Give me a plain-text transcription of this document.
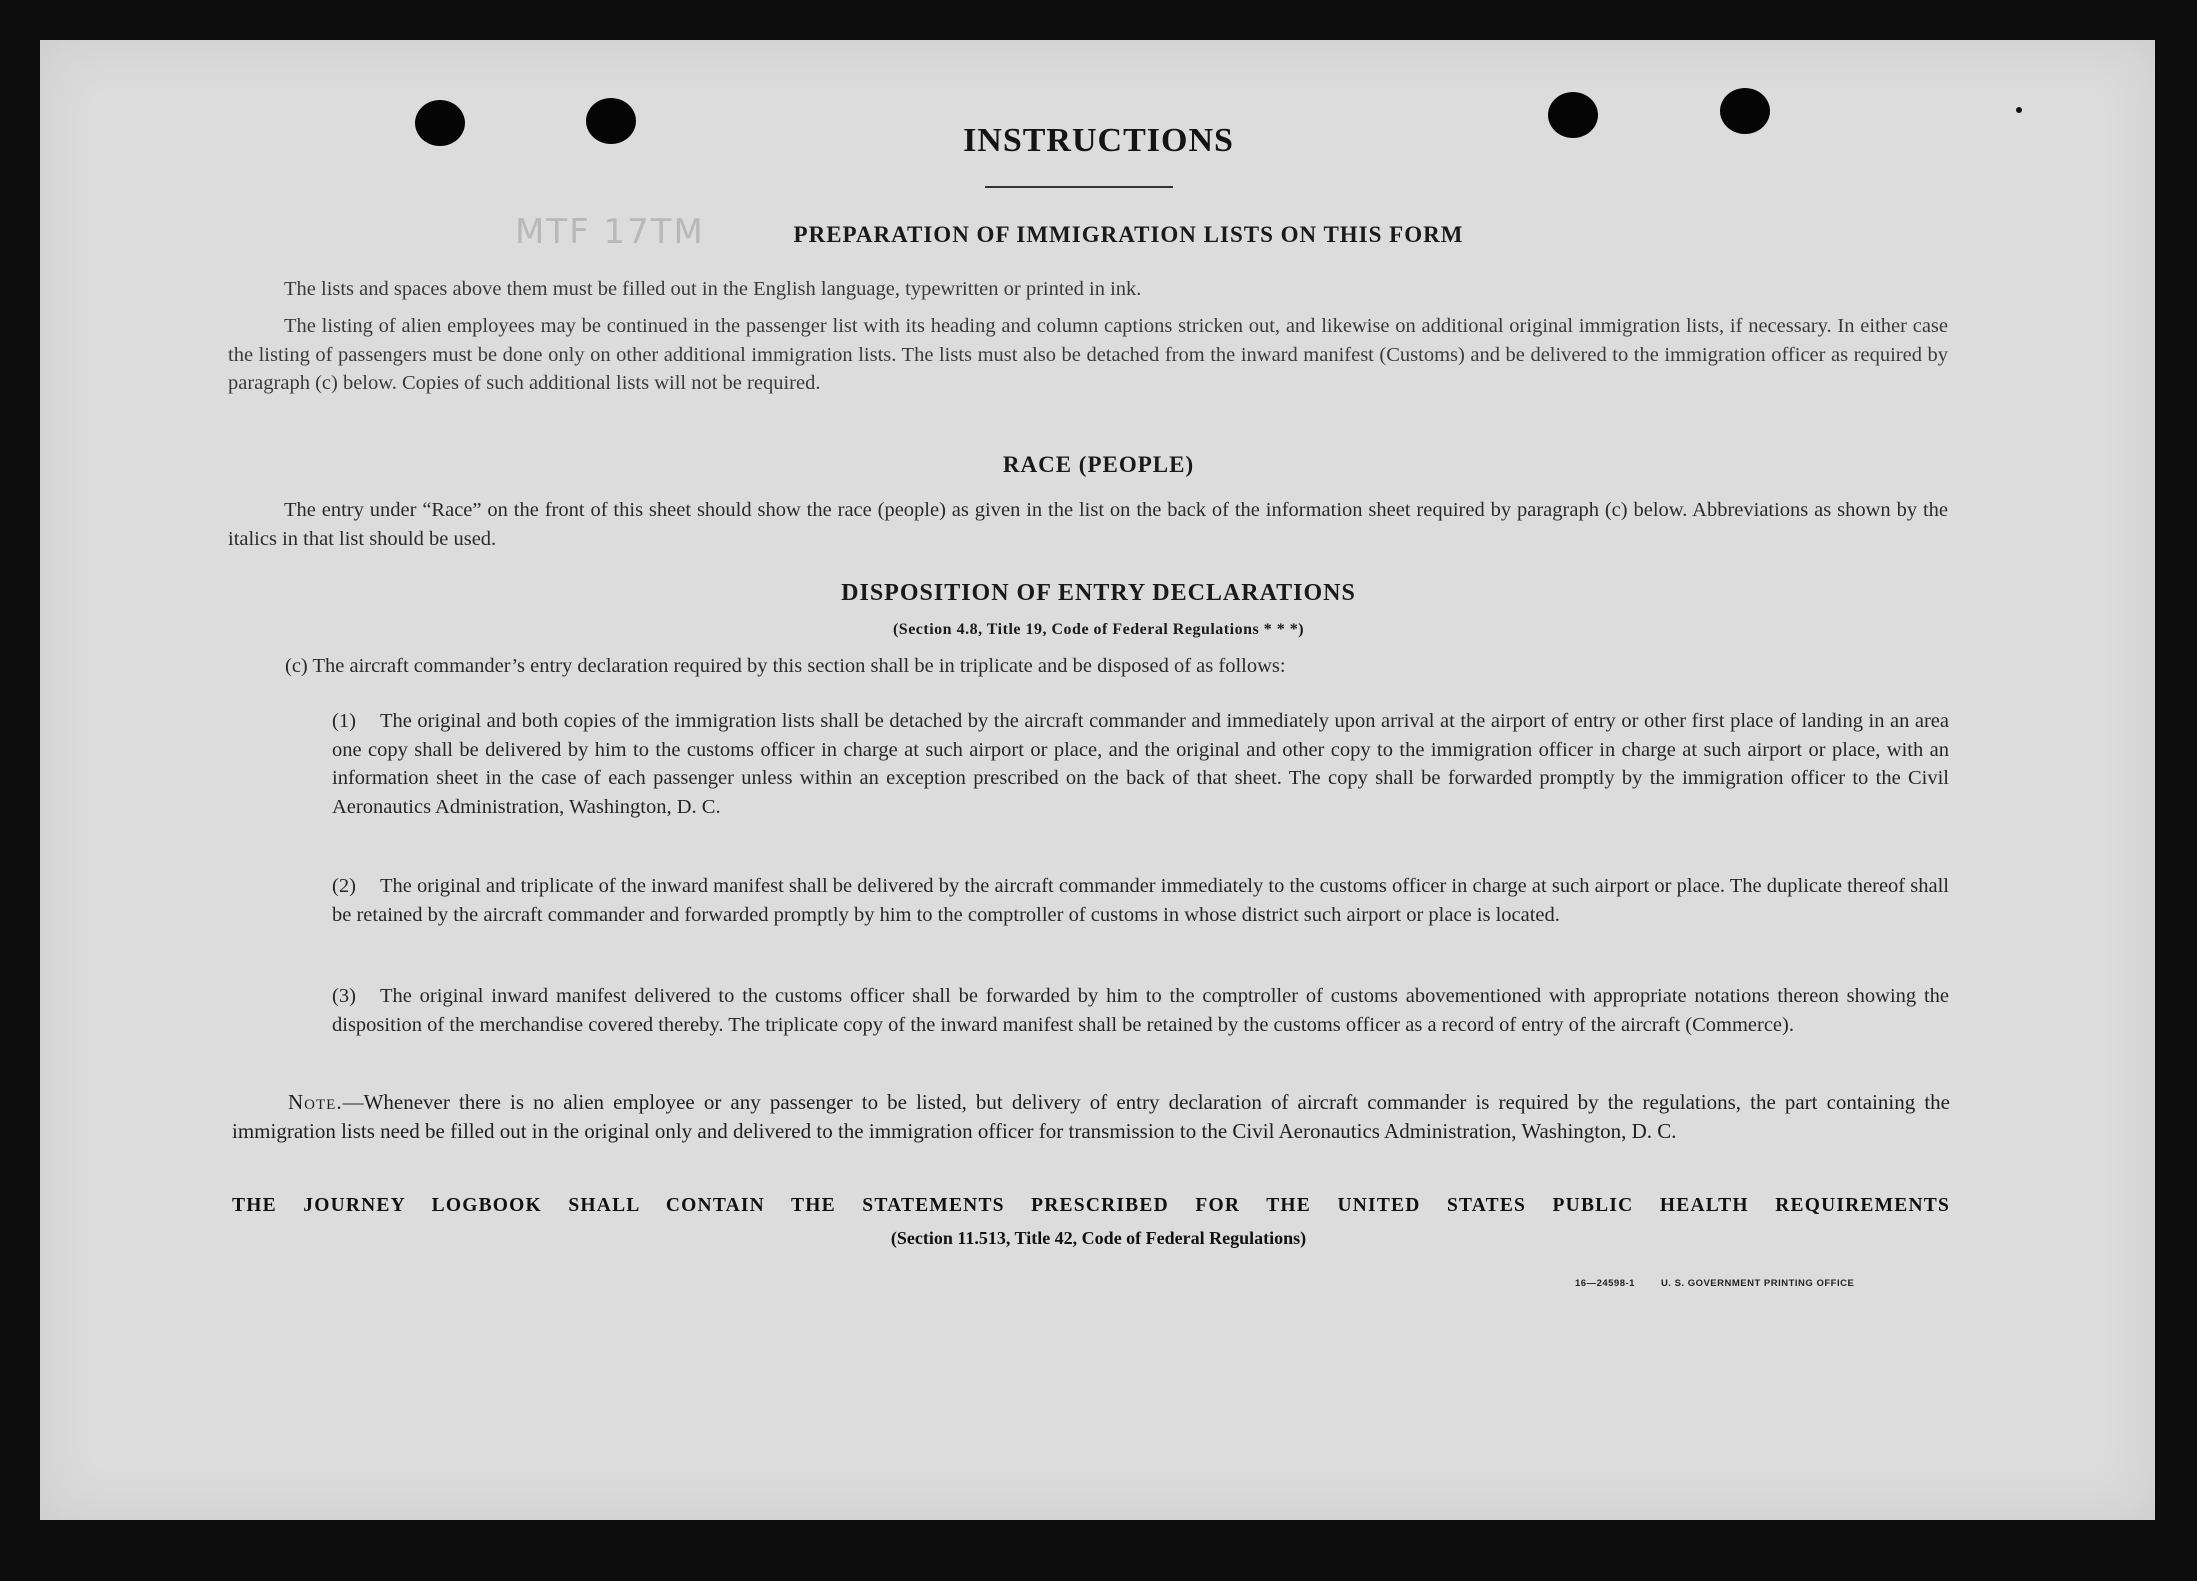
INSTRUCTIONS
MTF 17TM	PREPARATION OF IMMIGRATION LISTS ON THIS FORM
The lists and spaces above them must be filled out in the English language, typewritten or printed in ink.
The listing of alien employees may be continued in the passenger list with its heading and column captions stricken out, and likewise on additional original immigration lists, if necessary. In either case the listing of passengers must be done only on other additional immigration lists. The lists must also be detached from the inward manifest (Customs) and be delivered to the immigration officer as required by paragraph (c) below. Copies of such additional lists will not be required.
RACE (PEOPLE)
The entry under “Race” on the front of this sheet should show the race (people) as given in the list on the back of the information sheet required by paragraph (c) below. Abbreviations as shown by the italics in that list should be used.
DISPOSITION OF ENTRY DECLARATIONS
(Section 4.8, Title 19, Code of Federal Regulations * * *)
(c) The aircraft commander’s entry declaration required by this section shall be in triplicate and be disposed of as follows:
(1) The original and both copies of the immigration lists shall be detached by the aircraft commander and immediately upon arrival at the airport of entry or other first place of landing in an area one copy shall be delivered by him to the customs officer in charge at such airport or place, and the original and other copy to the immigration officer in charge at such airport or place, with an information sheet in the case of each passenger unless within an exception prescribed on the back of that sheet. The copy shall be forwarded promptly by the immigration officer to the Civil Aeronautics Administration, Washington, D. C.
(2) The original and triplicate of the inward manifest shall be delivered by the aircraft commander immediately to the customs officer in charge at such airport or place. The duplicate thereof shall be retained by the aircraft commander and forwarded promptly by him to the comptroller of customs in whose district such airport or place is located.
(3) The original inward manifest delivered to the customs officer shall be forwarded by him to the comptroller of customs abovementioned with appropriate notations thereon showing the disposition of the merchandise covered thereby. The triplicate copy of the inward manifest shall be retained by the customs officer as a record of entry of the aircraft (Commerce).
Note.—Whenever there is no alien employee or any passenger to be listed, but delivery of entry declaration of aircraft commander is required by the regulations, the part containing the immigration lists need be filled out in the original only and delivered to the immigration officer for transmission to the Civil Aeronautics Administration, Washington, D. C.
THE JOURNEY LOGBOOK SHALL CONTAIN THE STATEMENTS PRESCRIBED FOR THE UNITED STATES PUBLIC HEALTH REQUIREMENTS
(Section 11.513, Title 42, Code of Federal Regulations)
16—24598-1	U. S. GOVERNMENT PRINTING OFFICE
